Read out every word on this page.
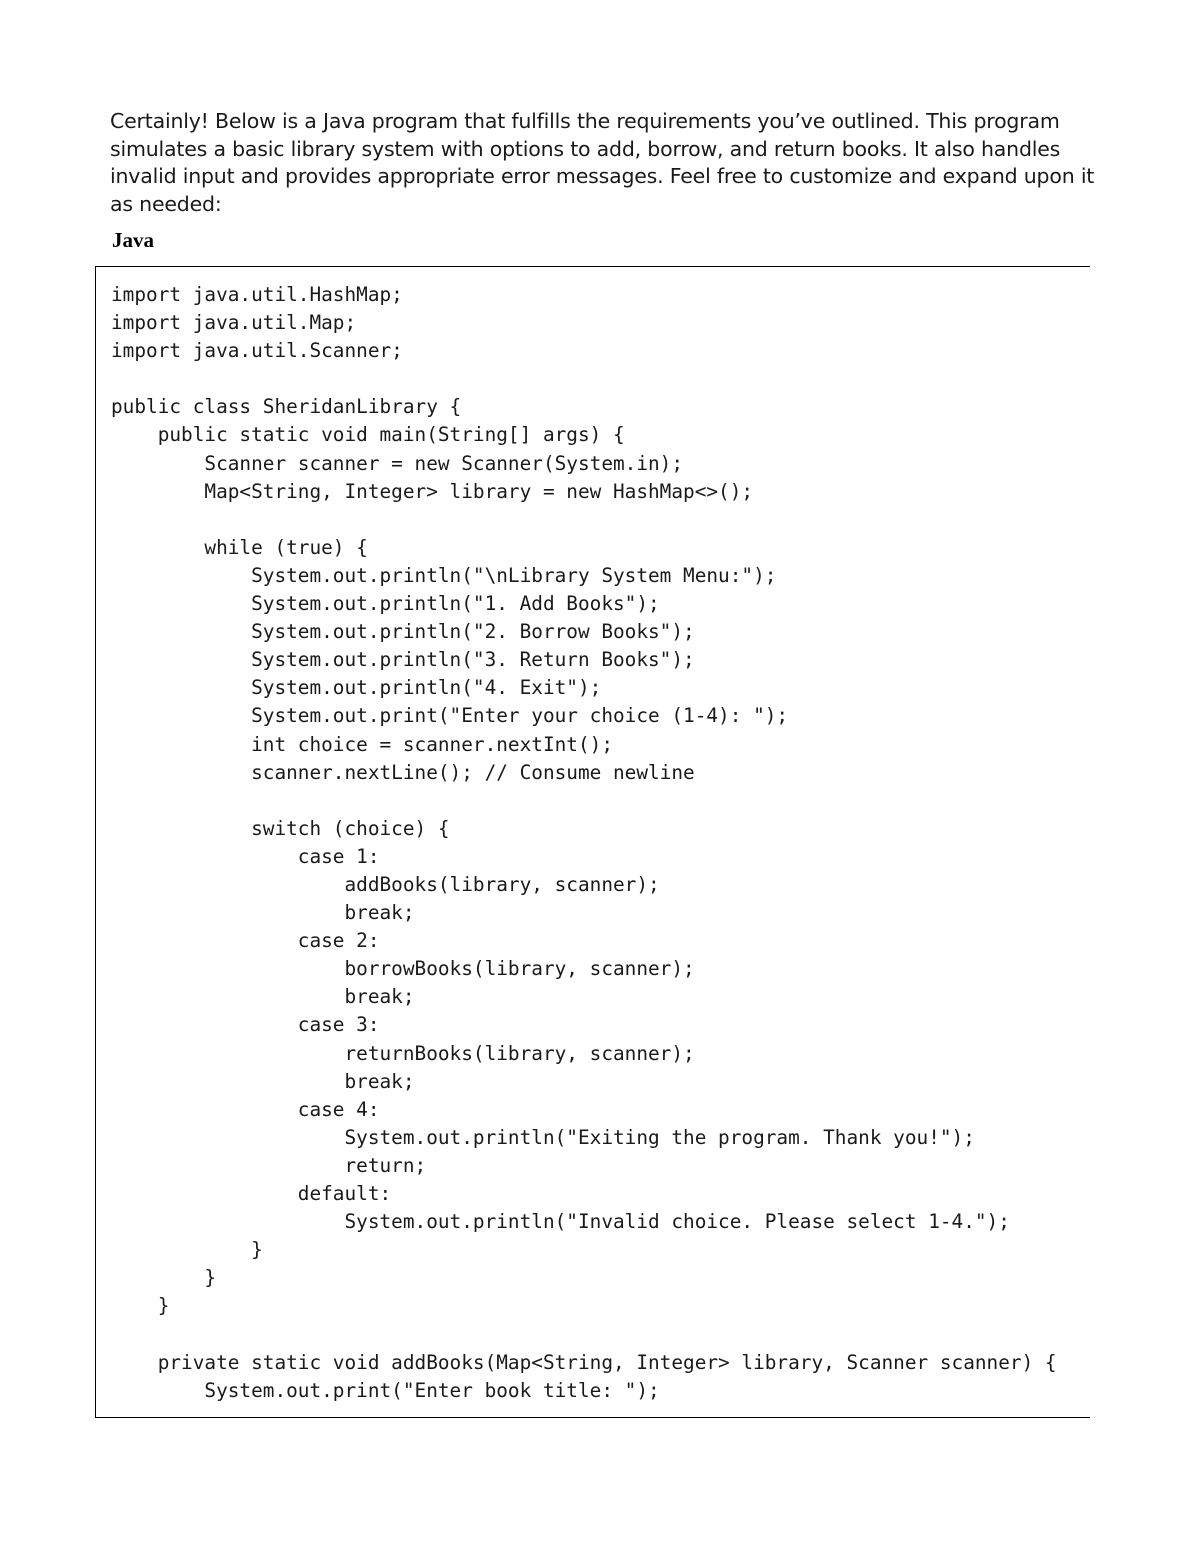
Certainly! Below is a Java program that fulfills the requirements you’ve outlined. This program simulates a basic library system with options to add, borrow, and return books. It also handles invalid input and provides appropriate error messages. Feel free to customize and expand upon it as needed:

Java
import java.util.HashMap;
import java.util.Map;
import java.util.Scanner;
public class SheridanLibrary {
public static void main(String[] args) {
Scanner scanner = new Scanner(System.in);
Map<String, Integer> library = new HashMap<>();
while (true) {
System.out.println("\nLibrary System Menu:");
System.out.println("1. Add Books");
System.out.println("2. Borrow Books");
System.out.println("3. Return Books");
System.out.println("4. Exit");
System.out.print("Enter your choice (1-4): ");
int choice = scanner.nextInt();
scanner.nextLine(); // Consume newline
switch (choice) {
case 1:
addBooks(library, scanner);
break;
case 2:
borrowBooks(library, scanner);
break;
case 3:
returnBooks(library, scanner);
break;
case 4:
System.out.println("Exiting the program. Thank you!");
return;
default:
System.out.println("Invalid choice. Please select 1-4.");
}
}
}
private static void addBooks(Map<String, Integer> library, Scanner scanner) {
System.out.print("Enter book title: ");
